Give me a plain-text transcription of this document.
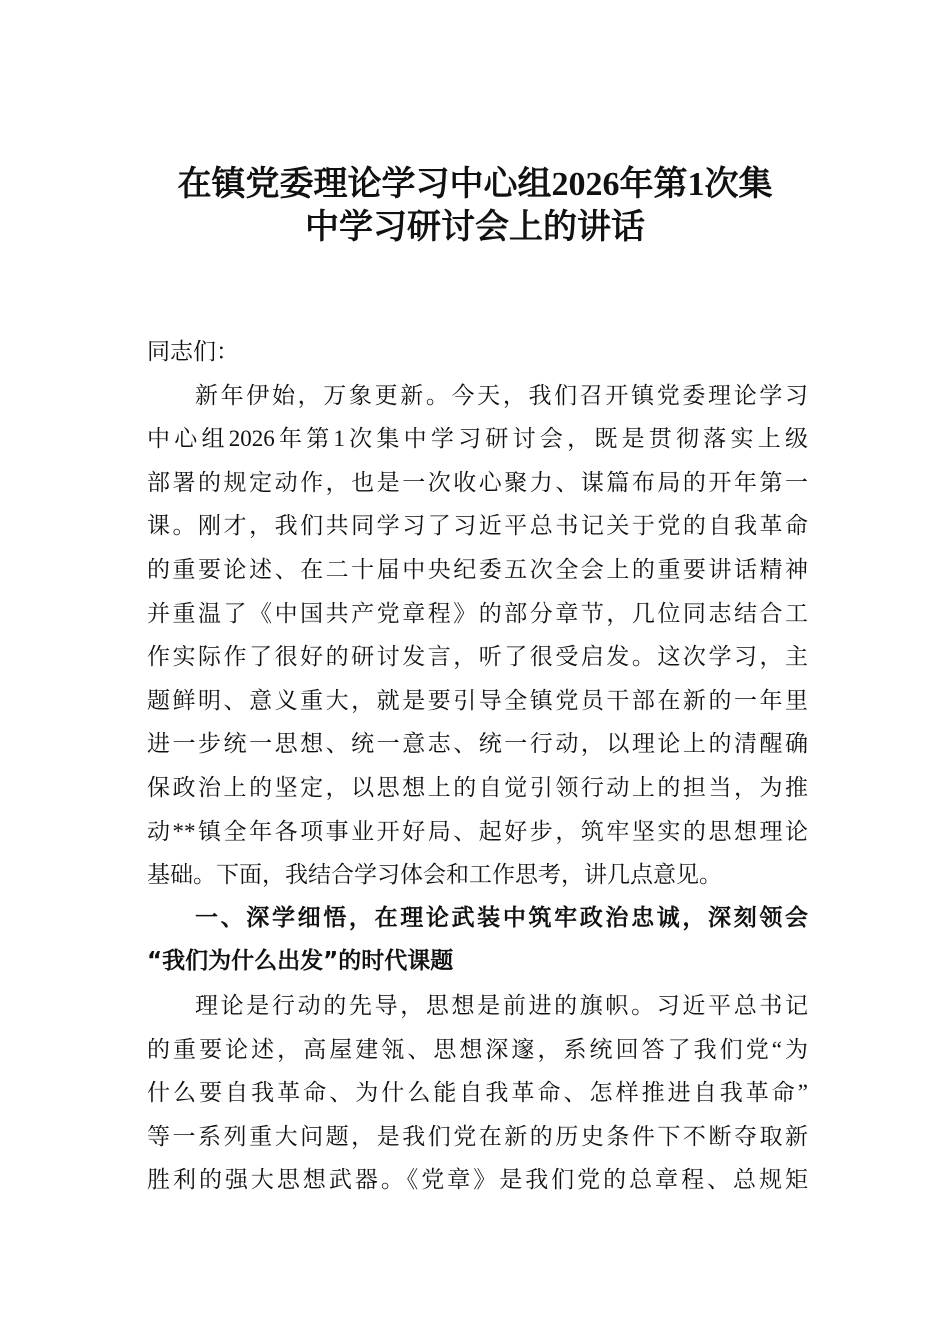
在镇党委理论学习中心组2026年第1次集
中学习研讨会上的讲话
同志们：
新年伊始，万象更新。今天，我们召开镇党委理论学习
中心组2026年第1次集中学习研讨会，既是贯彻落实上级
部署的规定动作，也是一次收心聚力、谋篇布局的开年第一
课。刚才，我们共同学习了习近平总书记关于党的自我革命
的重要论述、在二十届中央纪委五次全会上的重要讲话精神
并重温了《中国共产党章程》的部分章节，几位同志结合工
作实际作了很好的研讨发言，听了很受启发。这次学习，主
题鲜明、意义重大，就是要引导全镇党员干部在新的一年里
进一步统一思想、统一意志、统一行动，以理论上的清醒确
保政治上的坚定，以思想上的自觉引领行动上的担当，为推
动**镇全年各项事业开好局、起好步，筑牢坚实的思想理论
基础。下面，我结合学习体会和工作思考，讲几点意见。
一、深学细悟，在理论武装中筑牢政治忠诚，深刻领会
“我们为什么出发”的时代课题
理论是行动的先导，思想是前进的旗帜。习近平总书记
的重要论述，高屋建瓴、思想深邃，系统回答了我们党“为
什么要自我革命、为什么能自我革命、怎样推进自我革命”
等一系列重大问题，是我们党在新的历史条件下不断夺取新
胜利的强大思想武器。《党章》是我们党的总章程、总规矩
